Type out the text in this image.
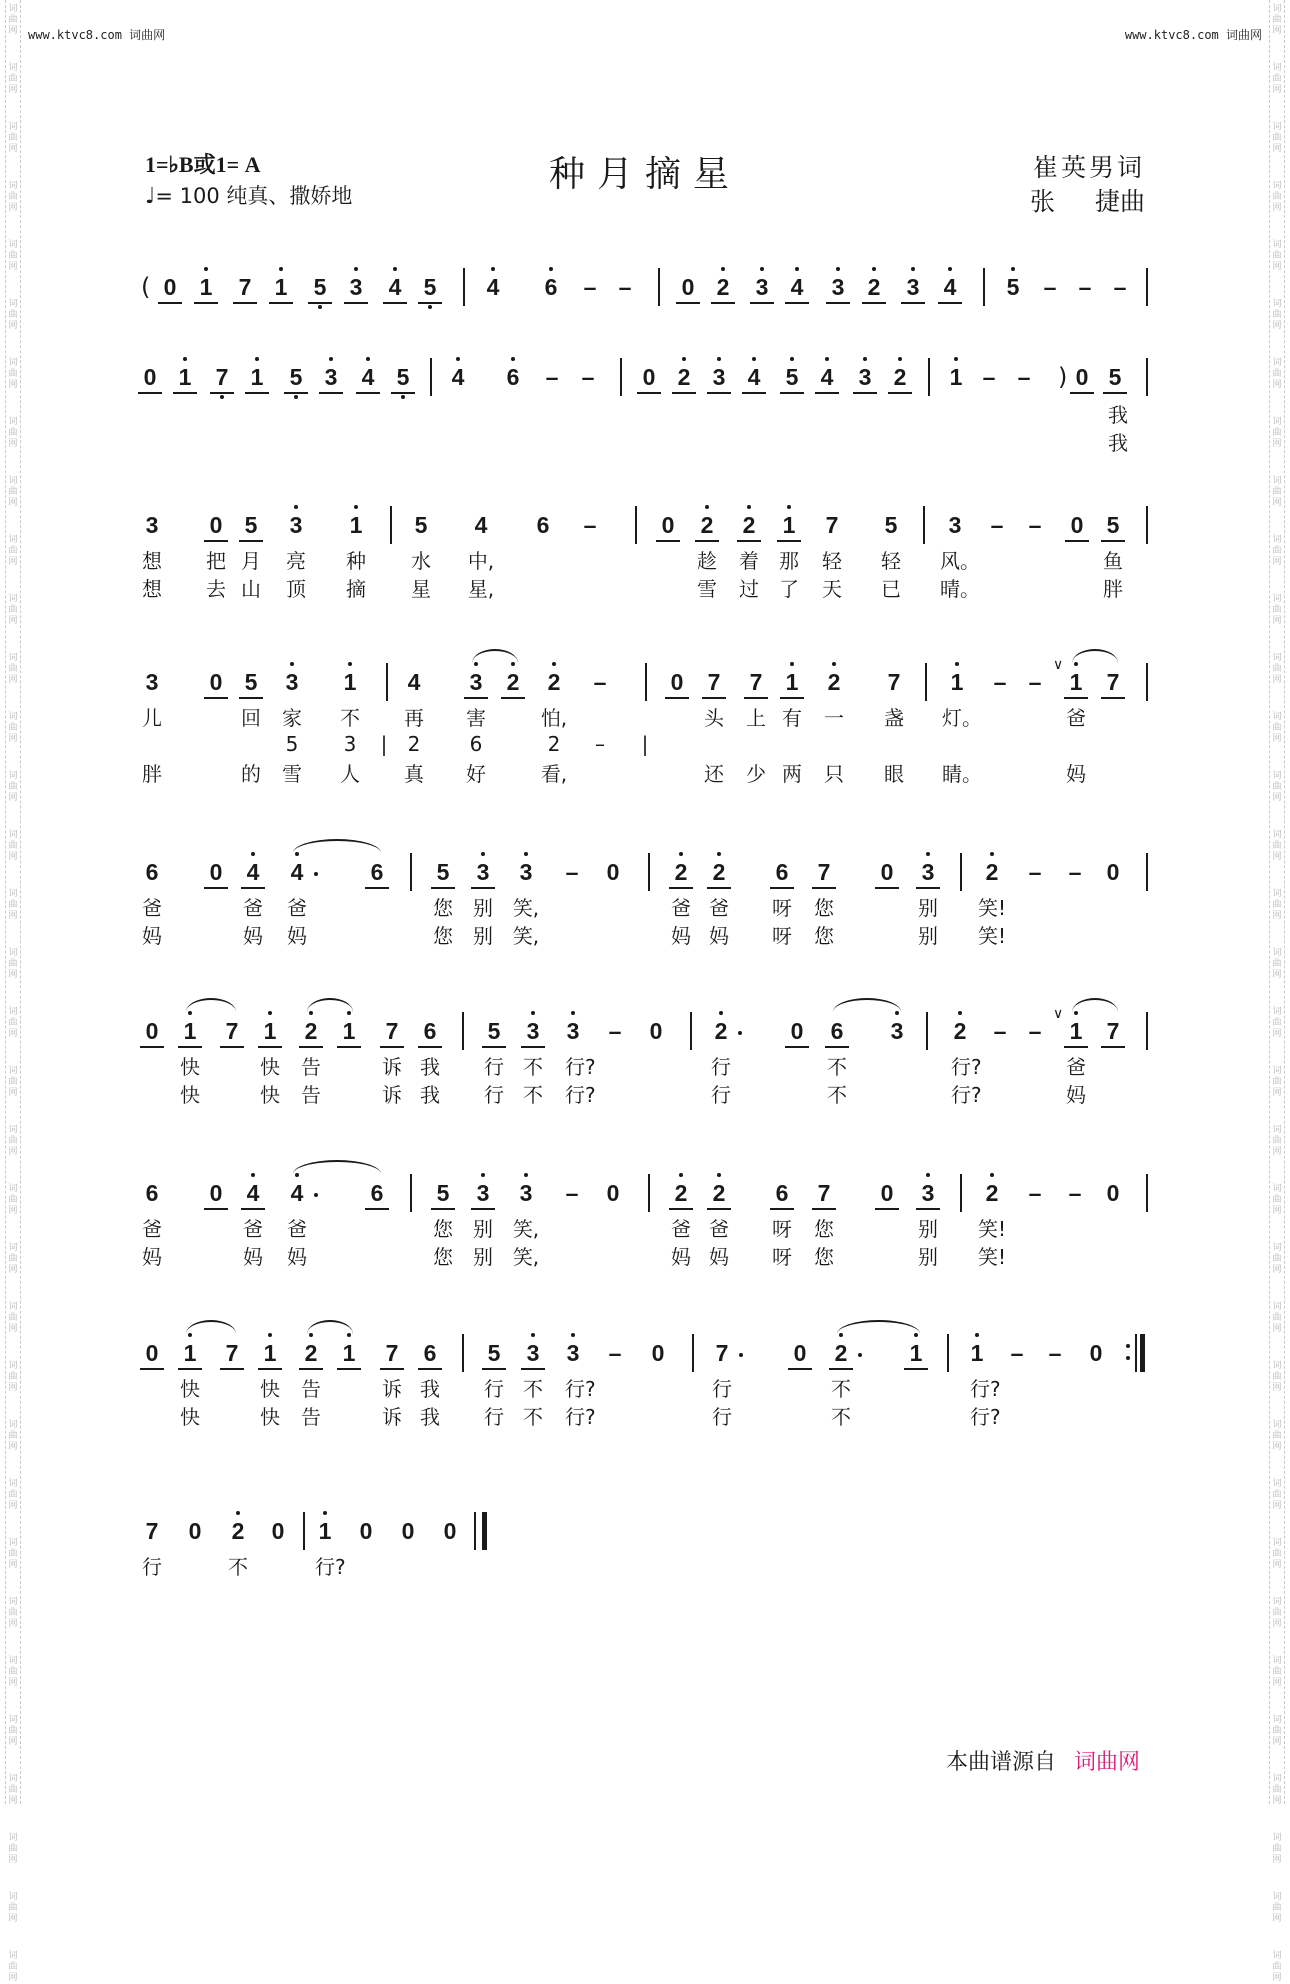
词
曲
网
词
曲
网
词
曲
网
词
曲
网
词
曲
网
词
曲
网
词
曲
网
词
曲
网
词
曲
网
词
曲
网
词
曲
网
词
曲
网
词
曲
网
词
曲
网
词
曲
网
词
曲
网
词
曲
网
词
曲
网
词
曲
网
词
曲
网
词
曲
网
词
曲
网
词
曲
网
词
曲
网
词
曲
网
词
曲
网
词
曲
网
词
曲
网
词
曲
网
词
曲
网
词
曲
网
词
曲
网
词
曲
网
词
曲
网
词
曲
网
词
曲
网
词
曲
网
词
曲
网
词
曲
网
词
曲
网
词
曲
网
词
曲
网
词
曲
网
词
曲
网
词
曲
网
词
曲
网
词
曲
网
词
曲
网
词
曲
网
词
曲
网
词
曲
网
词
曲
网
词
曲
网
词
曲
网
词
曲
网
词
曲
网
词
曲
网
词
曲
网
词
曲
网
词
曲
网
词
曲
网
词
曲
网
词
曲
网
词
曲
网
词
曲
网
词
曲
网
词
曲
网
词
曲
网
www.ktvc8.com 词曲网	www.ktvc8.com 词曲网
1=♭B或1= A
♩= 100 纯真、撒娇地
种月摘星	崔英男词
张 捷曲
( 0 1 7 1 5 3 4 5 4 6 – – 0 2 3 4 3 2 3 4 5 – – –
0 1 7 1 5 3 4 5 4 6 – – 0 2 3 4 5 4 3 2 1 – – ) 0 5
我
我
3 0 5 3 1 5 4 6 –	0 2 2 1 7 5 3 – – 0 5
想 把 月 亮 种 水 中,	趁 着 那 轻 轻 风。	鱼
想 去 山 顶 摘 星 星,	雪 过 了 天 已 晴。	胖
3 0 5 3 1 4 3 2 2 –	0 7 7 1 2 7 1 – –
∨
1 7
儿	回 家 不 再 害	怕,	头 上 有 一 盏 灯。	爸
5	3	|	2	6	2	–	|
胖	的 雪 人 真 好	看,	还 少 两 只 眼 睛。	妈
6 0 4 4	6 5 3 3 – 0 2 2 6 7 0 3 2 – – 0
爸	爸 爸	您 别 笑,	爸 爸 呀 您	别 笑!
妈	妈 妈	您 别 笑,	妈 妈 呀 您	别 笑!
0 1 7 1 2 1 7 6 5 3 3 – 0 2	0 6 3 2 – –
∨
1 7
快	快 告	诉 我 行 不 行?	行	不	行?	爸
快	快 告	诉 我 行 不 行?	行	不	行?	妈
6 0 4 4	6 5 3 3 – 0 2 2 6 7 0 3 2 – – 0
爸	爸 爸	您 别 笑,	爸 爸 呀 您	别 笑!
妈	妈 妈	您 别 笑,	妈 妈 呀 您	别 笑!
0 1 7 1 2 1 7 6 5 3 3 – 0 7	0 2	1 1 – – 0
快	快 告	诉 我 行 不 行?	行	不	行?
快	快 告	诉 我 行 不 行?	行	不	行?
7 0 2 0 1 0 0 0
行	不	行?
本曲谱源自 词曲网
